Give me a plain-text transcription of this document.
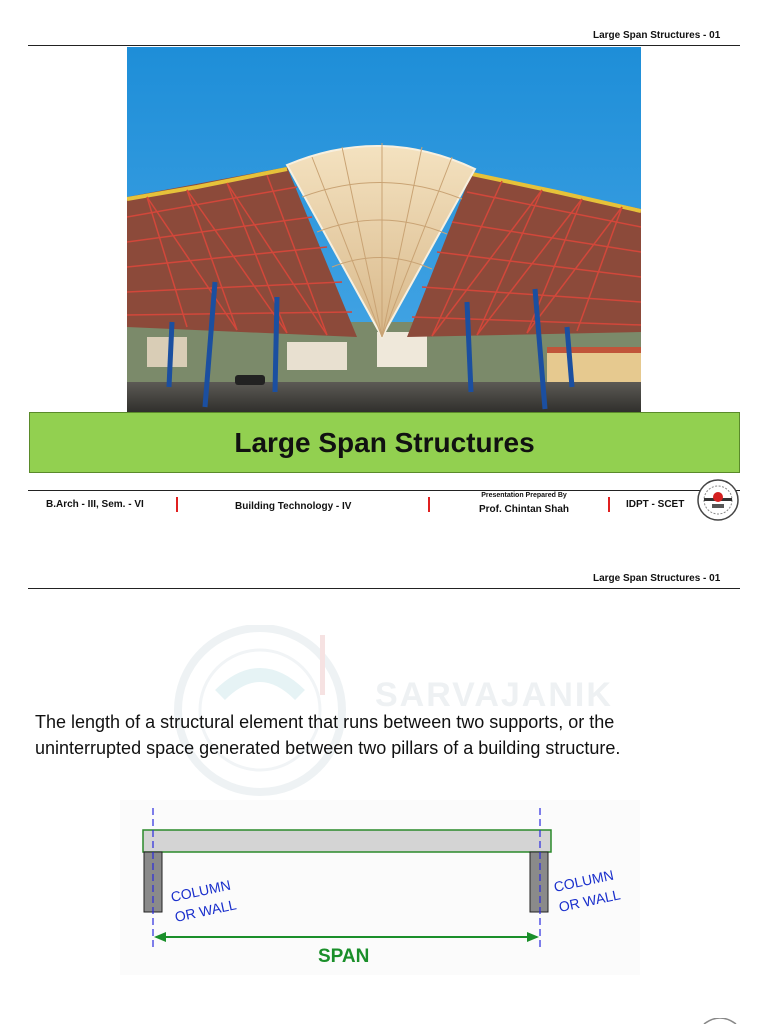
Large Span Structures - 01
Large Span Structures
B.Arch - III, Sem. - VI	Building Technology - IV
Presentation Prepared By
Prof. Chintan Shah	IDPT - SCET
Large Span Structures - 01
SARVAJANIK
The length of a structural element that runs between two supports, or the
uninterrupted space generated between two pillars of a building structure.
COLUMN
OR WALL
COLUMN
OR WALL
SPAN
